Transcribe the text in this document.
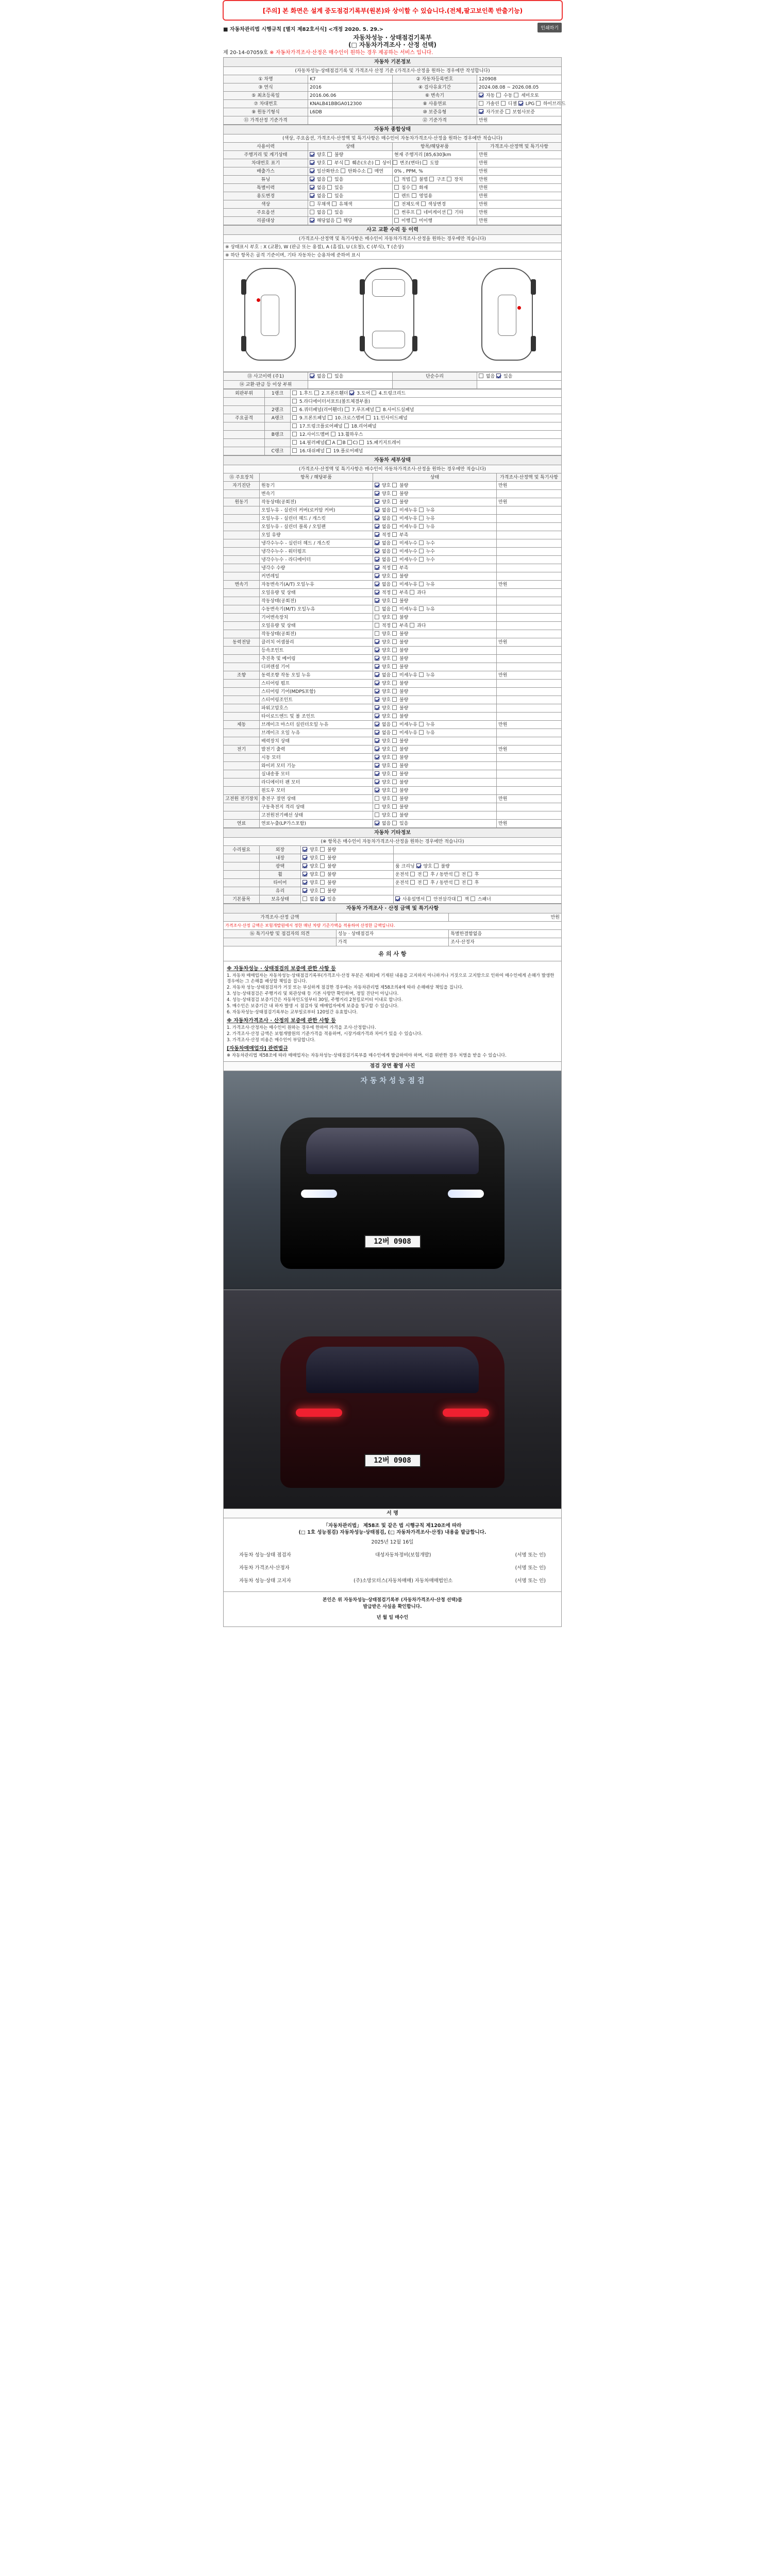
[주의] 본 화면은 설계 중도점검기록부(원본)와 상이할 수 있습니다.(전체,팔고보인쪽 반출기능)
인쇄하기
■ 자동차관리법 시행규칙 [별지 제82호서식] <개정 2020. 5. 29.>
자동차성능 · 상태점검기록부
(□ 자동차가격조사 · 산정 선택)
제 20-14-07059호 ※ 자동차가격조사·산정은 매수인이 원하는 경우 제공하는 서비스 입니다.
자동차 기본정보			
(자동차성능·상태점검기록 및 가격조사 산정 기준 (가격조사·산정을 원하는 경우에만 작성합니다)			
① 차명	K7	② 자동차등록번호	120908
③ 연식	2016	④ 검사유효기간	2024.08.08 ~ 2026.08.05
⑤ 최초등록일	2016.06.06	⑥ 변속기	자동  수동  세미오토
⑦ 차대번호	KNALB41BBGA012300	⑧ 사용연료	가솔린  디젤  LPG  하이브리드
⑨ 원동기형식	L6DB	⑩ 보증유형	자가보증  보험사보증
⑪ 가격산정 기준가격		⑫ 기준가격	만원
자동차 종합상태			
(색상, 주요옵션, 가격조사·산정액 및 특기사항은 매수인이 자동차가격조사·산정을 원하는 경우에만 적습니다)			
사용이력	상태	항목/해당부품	가격조사·산정액 및 특기사항
주행거리 및 계기상태	양호  불량	현재 주행거리 [85,630]km	만원
차대번호 표기	양호  부식  훼손(오손)  상이  변조(변타)  도말		만원
배출가스	일산화탄소  탄화수소  매연	0% , PPM, %	만원
튜닝	없음  있음	적법  불법  구조  장치	만원
특별이력	없음  있음	침수  화재	만원
용도변경	없음  있음	렌트  영업용	만원
색상	무채색  유채색	전체도색  색상변경	만원
주요옵션	없음  있음	썬루프  네비게이션  기타	만원
리콜대상	해당없음  해당	이행  미이행	만원
사고 교환 수리 등 이력
(가격조사·산정액 및 특기사항은 매수인이 자동차가격조사·산정을 원하는 경우에만 적습니다)
※ 상태표시 부호 : X (교환), W (판금 또는 용접), A (흠집), U (요철), C (부식), T (손상)
※ 하단 항목은 골격 기준이며, 기타 자동차는 승용차에 준하여 표시
⑬ 사고이력 (주1)	없음  있음	단순수리	없음  있음
⑭ 교환·판금 등 이상 부위			
외판부위	1랭크	1.후드  2.프론트휀더  3.도어  4.트렁크리드
		5.라디에이터서포트(볼트체결부품)
	2랭크	6.쿼터패널(리어휀더)  7.루프패널  8.사이드실패널
주요골격	A랭크	9.프론트패널  10.크로스멤버  11.인사이드패널
		17.트렁크플로어패널  18.리어패널
	B랭크	12.사이드멤버  13.휠하우스
		14.필러패널( A B C)  15.패키지트레이
	C랭크	16.대쉬패널  19.플로어패널
자동차 세부상태			
(가격조사·산정액 및 특기사항은 매수인이 자동차가격조사·산정을 원하는 경우에만 적습니다)			

⑮ 주요장치	항목 / 해당부품	상태	가격조사·산정액 및 특기사항
자기진단	원동기	양호  불량	만원
	변속기	양호  불량	
원동기	작동상태(공회전)	양호  불량	만원
	오일누유 - 실린더 커버(로커암 커버)	없음  미세누유  누유	
	오일누유 - 실린더 헤드 / 개스킷	없음  미세누유  누유	
	오일누유 - 실린더 블록 / 오일팬	없음  미세누유  누유	
	오일 유량	적정  부족	
	냉각수누수 - 실린더 헤드 / 개스킷	없음  미세누수  누수	
	냉각수누수 - 워터펌프	없음  미세누수  누수	
	냉각수누수 - 라디에이터	없음  미세누수  누수	
	냉각수 수량	적정  부족	
	커먼레일	양호  불량	
변속기	자동변속기(A/T) 오일누유	없음  미세누유  누유	만원
	오일유량 및 상태	적정  부족  과다	
	작동상태(공회전)	양호  불량	
	수동변속기(M/T) 오일누유	없음  미세누유  누유	
	기어변속장치	양호  불량	
	오일유량 및 상태	적정  부족  과다	
	작동상태(공회전)	양호  불량	
동력전달	클러치 어셈블리	양호  불량	만원
	등속조인트	양호  불량	
	추진축 및 베어링	양호  불량	
	디퍼렌셜 기어	양호  불량	
조향	동력조향 작동 오일 누유	없음  미세누유  누유	만원
	스티어링 펌프	양호  불량	
	스티어링 기어(MDPS포함)	양호  불량	
	스티어링조인트	양호  불량	
	파워고압호스	양호  불량	
	타이로드엔드 및 볼 조인트	양호  불량	
제동	브레이크 마스터 실린더오일 누유	없음  미세누유  누유	만원
	브레이크 오일 누유	없음  미세누유  누유	
	배력장치 상태	양호  불량	
전기	발전기 출력	양호  불량	만원
	시동 모터	양호  불량	
	와이퍼 모터 기능	양호  불량	
	실내송풍 모터	양호  불량	
	라디에이터 팬 모터	양호  불량	
	윈도우 모터	양호  불량	
고전원 전기장치	충전구 절연 상태	양호  불량	만원
	구동축전지 격리 상태	양호  불량	
	고전원전기배선 상태	양호  불량	
연료	연료누출(LP가스포함)	없음  있음	만원
자동차 기타정보			
(※ 항목은 매수인이 자동차가격조사·산정을 원하는 경우에만 적습니다)			

수리필요	외장	양호  불량	
	내장	양호  불량	
	광택	양호  불량	룸 크리닝  양호  불량
	휠	양호  불량	운전석  전  후 / 동반석  전  후
	타이어	양호  불량	운전석  전  후 / 동반석  전  후
	유리	양호  불량	
기본품목	보유상태	없음  있음	사용설명서  안전삼각대  잭  스패너
자동차 가격조사 · 산정 금액 및 특기사항		
가격조사·산정 금액		만원
가격조사·산정 금액은 보험개발원에서 정한 매년 차량 기준가액을 적용하여 산정한 금액입니다.		
⑯ 특기사항 및 점검자의 의견	성능 · 상태점검자	특별한결함없음
	가격	조사·산정자
유 의 사 항
※ 자동차성능 · 상태점검의 보증에 관한 사항 등

1. 자동차 매매업자는 자동차성능·상태점검기록부(가격조사·산정 부분은 제외)에 기재된 내용을 고지하지 아니하거나 거짓으로 고지함으로 인하여 매수인에게 손해가 발생한 경우에는 그 손해를 배상할 책임을 집니다.

2. 자동차 성능·상태점검자가 거짓 또는 부실하게 점검한 경우에는 자동차관리법 제58조의4에 따라 손해배상 책임을 집니다.

3. 성능·상태점검은 주행거리 및 외관상태 등 기본 사항만 확인하며, 정밀 진단이 아닙니다.

4. 성능·상태점검 보증기간은 자동차인도일부터 30일, 주행거리 2천킬로미터 이내로 합니다.

5. 매수인은 보증기간 내 하자 발생 시 점검자 및 매매업자에게 보증을 청구할 수 있습니다.

6. 자동차성능·상태점검기록부는 교부일로부터 120일간 유효합니다.

※ 자동차가격조사 · 산정의 보증에 관한 사항 등

1. 가격조사·산정자는 매수인이 원하는 경우에 한하여 가격을 조사·산정합니다.

2. 가격조사·산정 금액은 보험개발원의 기준가격을 적용하며, 시장거래가격과 차이가 있을 수 있습니다.

3. 가격조사·산정 비용은 매수인이 부담합니다.

[자동차매매업자] 관련법규

※ 자동차관리법 제58조에 따라 매매업자는 자동차성능·상태점검기록부를 매수인에게 발급하여야 하며, 이를 위반한 경우 처벌을 받을 수 있습니다.

점검 장면 촬영 사진
자 동 차 성 능 점 검
12버 0908
12버 0908
서 명
「자동차관리법」 제58조 및 같은 법 시행규칙 제120조에 따라
(□ 1호 성능점검) 자동차성능·상태점검, (□ 자동차가격조사·산정) 내용을 발급합니다.
2025년 12월 16일
자동차 성능·상태 점검자	대성자동차정비(보험개발)	(서명 또는 인)
자동차 가격조사·산정자	(서명 또는 인)
자동차 성능·상태 고지자	(주)소망모터스(자동차매매) 자동차매매법인소	(서명 또는 인)
본인은 위 자동차성능·상태점검기록부 (자동차가격조사·산정 선택)를
발급받은 사실을 확인합니다.
년 월 일 매수인
